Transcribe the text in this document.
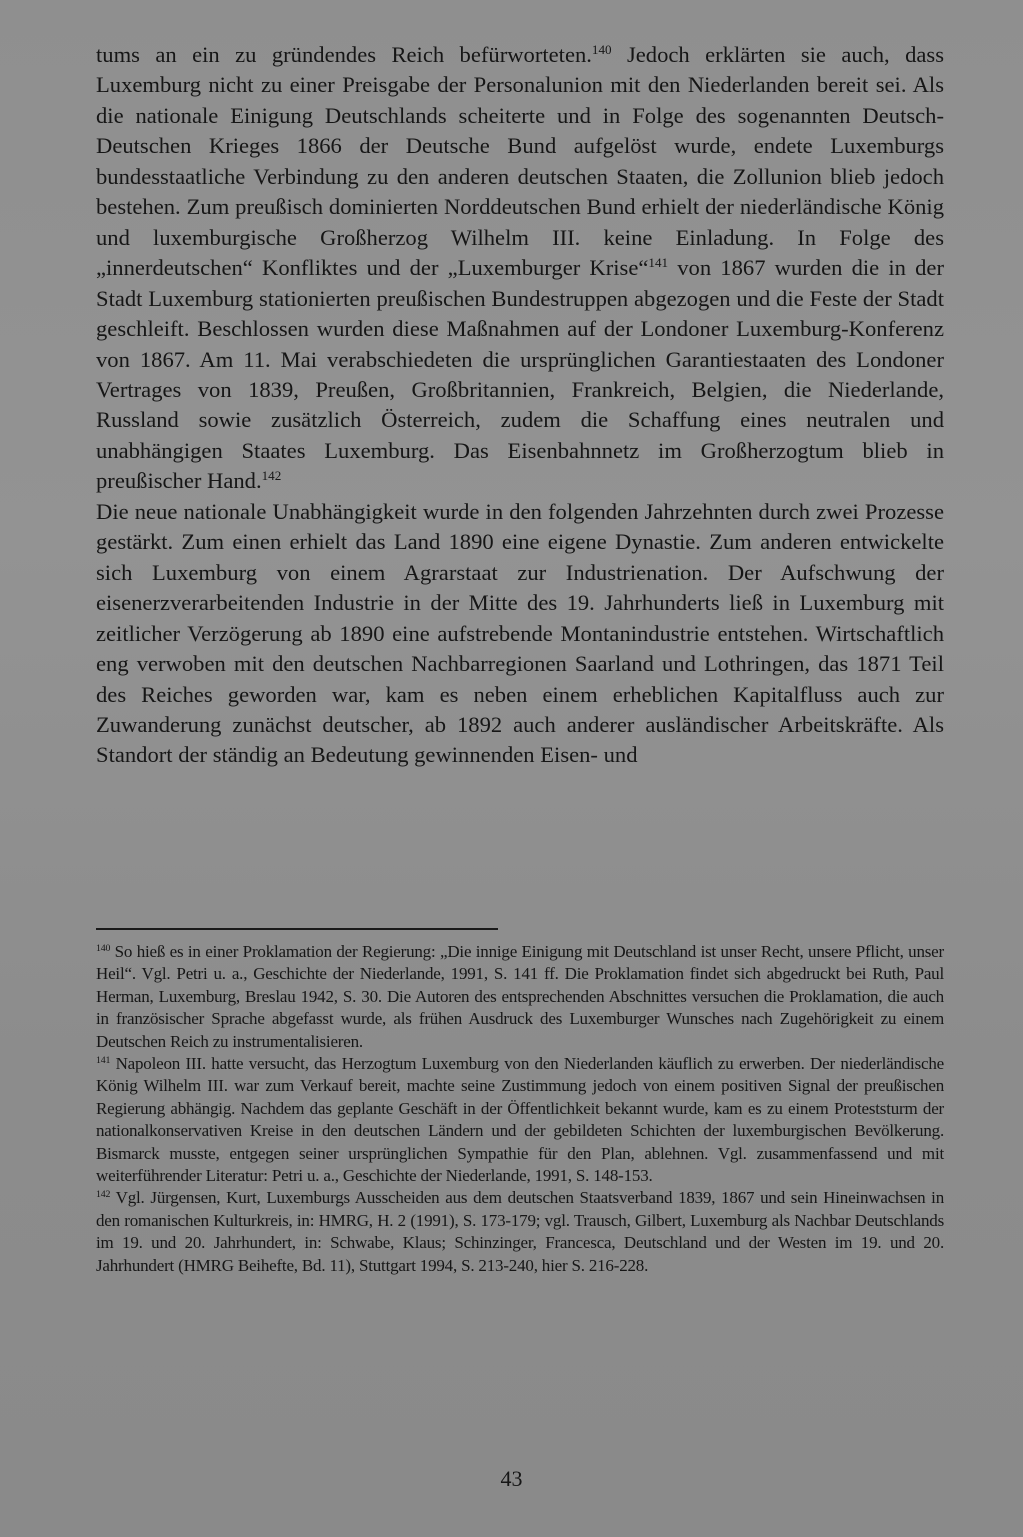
tums an ein zu gründendes Reich befürworteten.$^{140}$ Jedoch erklärten sie auch, dass Luxemburg nicht zu einer Preisgabe der Personalunion mit den Niederlanden bereit sei. Als die nationale Einigung Deutschlands scheiterte und in Folge des sogenannten Deutsch-Deutschen Krieges 1866 der Deutsche Bund aufgelöst wurde, endete Luxemburgs bundesstaatliche Verbindung zu den anderen deutschen Staaten, die Zollunion blieb jedoch bestehen. Zum preußisch dominierten Norddeutschen Bund erhielt der niederländische König und luxemburgische Großherzog Wilhelm III. keine Einladung. In Folge des „innerdeutschen“ Konfliktes und der „Luxemburger Krise“$^{141}$ von 1867 wurden die in der Stadt Luxemburg stationierten preußischen Bundestruppen abgezogen und die Feste der Stadt geschleift. Beschlossen wurden diese Maßnahmen auf der Londoner Luxemburg-Konferenz von 1867. Am 11. Mai verabschiedeten die ursprünglichen Garantiestaaten des Londoner Vertrages von 1839, Preußen, Großbritannien, Frankreich, Belgien, die Niederlande, Russland sowie zusätzlich Österreich, zudem die Schaffung eines neutralen und unabhängigen Staates Luxemburg. Das Eisenbahnnetz im Großherzogtum blieb in preußischer Hand.$^{142}$

Die neue nationale Unabhängigkeit wurde in den folgenden Jahrzehnten durch zwei Prozesse gestärkt. Zum einen erhielt das Land 1890 eine eigene Dynastie. Zum anderen entwickelte sich Luxemburg von einem Agrarstaat zur Industrienation. Der Aufschwung der eisenerzverarbeitenden Industrie in der Mitte des 19. Jahrhunderts ließ in Luxemburg mit zeitlicher Verzögerung ab 1890 eine aufstrebende Montanindustrie entstehen. Wirtschaftlich eng verwoben mit den deutschen Nachbarregionen Saarland und Lothringen, das 1871 Teil des Reiches geworden war, kam es neben einem erheblichen Kapitalfluss auch zur Zuwanderung zunächst deutscher, ab 1892 auch anderer ausländischer Arbeitskräfte. Als Standort der ständig an Bedeutung gewinnenden Eisen- und

$^{140}$ So hieß es in einer Proklamation der Regierung: „Die innige Einigung mit Deutschland ist unser Recht, unsere Pflicht, unser Heil“. Vgl. Petri u. a., Geschichte der Niederlande, 1991, S. 141 ff. Die Proklamation findet sich abgedruckt bei Ruth, Paul Herman, Luxemburg, Breslau 1942, S. 30. Die Autoren des entsprechenden Abschnittes versuchen die Proklamation, die auch in französischer Sprache abgefasst wurde, als frühen Ausdruck des Luxemburger Wunsches nach Zugehörigkeit zu einem Deutschen Reich zu instrumentalisieren.

$^{141}$ Napoleon III. hatte versucht, das Herzogtum Luxemburg von den Niederlanden käuflich zu erwerben. Der niederländische König Wilhelm III. war zum Verkauf bereit, machte seine Zustimmung jedoch von einem positiven Signal der preußischen Regierung abhängig. Nachdem das geplante Geschäft in der Öffentlichkeit bekannt wurde, kam es zu einem Proteststurm der nationalkonservativen Kreise in den deutschen Ländern und der gebildeten Schichten der luxemburgischen Bevölkerung. Bismarck musste, entgegen seiner ursprünglichen Sympathie für den Plan, ablehnen. Vgl. zusammenfassend und mit weiterführender Literatur: Petri u. a., Geschichte der Niederlande, 1991, S. 148-153.

$^{142}$ Vgl. Jürgensen, Kurt, Luxemburgs Ausscheiden aus dem deutschen Staatsverband 1839, 1867 und sein Hineinwachsen in den romanischen Kulturkreis, in: HMRG, H. 2 (1991), S. 173-179; vgl. Trausch, Gilbert, Luxemburg als Nachbar Deutschlands im 19. und 20. Jahrhundert, in: Schwabe, Klaus; Schinzinger, Francesca, Deutschland und der Westen im 19. und 20. Jahrhundert (HMRG Beihefte, Bd. 11), Stuttgart 1994, S. 213-240, hier S. 216-228.

43
